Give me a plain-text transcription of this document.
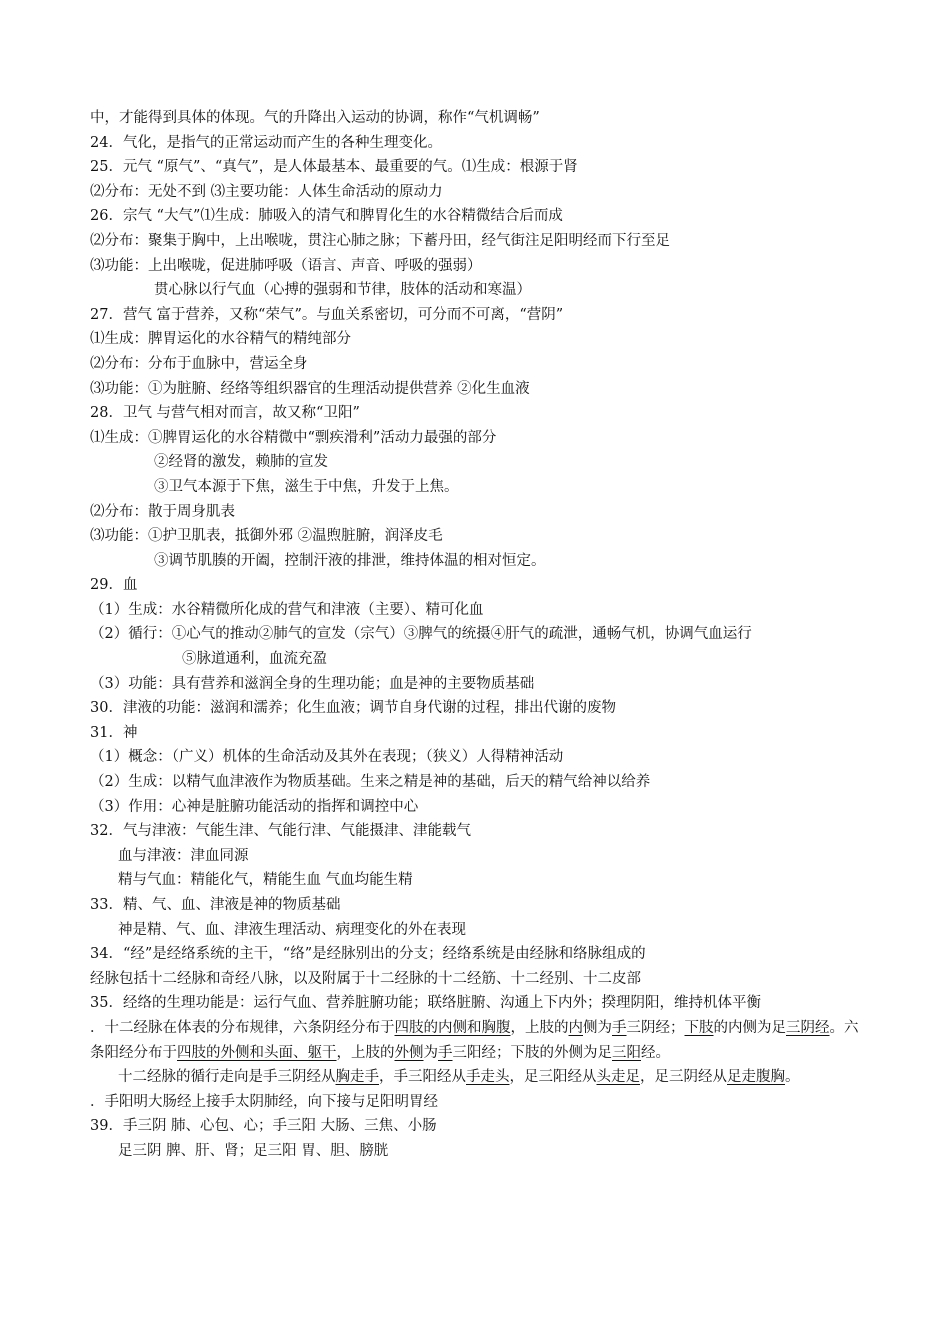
中，才能得到具体的体现。气的升降出入运动的协调，称作“气机调畅”
24．气化，是指气的正常运动而产生的各种生理变化。
25．元气 “原气”、“真气”，是人体最基本、最重要的气。⑴生成：根源于肾
⑵分布：无处不到 ⑶主要功能：人体生命活动的原动力
26．宗气 “大气”⑴生成：肺吸入的清气和脾胃化生的水谷精微结合后而成
⑵分布：聚集于胸中，上出喉咙，贯注心肺之脉；下蓄丹田，经气街注足阳明经而下行至足
⑶功能：上出喉咙，促进肺呼吸（语言、声音、呼吸的强弱）
贯心脉以行气血（心搏的强弱和节律，肢体的活动和寒温）
27．营气 富于营养，又称“荣气”。与血关系密切，可分而不可离，“营阴”
⑴生成：脾胃运化的水谷精气的精纯部分
⑵分布：分布于血脉中，营运全身
⑶功能：①为脏腑、经络等组织器官的生理活动提供营养 ②化生血液
28．卫气 与营气相对而言，故又称“卫阳”
⑴生成：①脾胃运化的水谷精微中“剽疾滑利”活动力最强的部分
②经肾的激发，赖肺的宣发
③卫气本源于下焦，滋生于中焦，升发于上焦。
⑵分布：散于周身肌表
⑶功能：①护卫肌表，抵御外邪 ②温煦脏腑，润泽皮毛
③调节肌腠的开阖，控制汗液的排泄，维持体温的相对恒定。
29．血
（1）生成：水谷精微所化成的营气和津液（主要）、精可化血
（2）循行：①心气的推动②肺气的宣发（宗气）③脾气的统摄④肝气的疏泄，通畅气机，协调气血运行
⑤脉道通利，血流充盈
（3）功能：具有营养和滋润全身的生理功能；血是神的主要物质基础
30．津液的功能：滋润和濡养；化生血液；调节自身代谢的过程，排出代谢的废物
31．神
（1）概念：（广义）机体的生命活动及其外在表现；（狭义）人得精神活动
（2）生成：以精气血津液作为物质基础。生来之精是神的基础，后天的精气给神以给养
（3）作用：心神是脏腑功能活动的指挥和调控中心
32．气与津液：气能生津、气能行津、气能摄津、津能载气
血与津液：津血同源
精与气血：精能化气，精能生血 气血均能生精
33．精、气、血、津液是神的物质基础
神是精、气、血、津液生理活动、病理变化的外在表现
34．“经”是经络系统的主干，“络”是经脉别出的分支；经络系统是由经脉和络脉组成的
经脉包括十二经脉和奇经八脉，以及附属于十二经脉的十二经筋、十二经别、十二皮部
35．经络的生理功能是：运行气血、营养脏腑功能；联络脏腑、沟通上下内外；揆理阴阳，维持机体平衡
．十二经脉在体表的分布规律，六条阴经分布于四肢的内侧和胸腹，上肢的内侧为手三阴经；下肢的内侧为足三阴经。六条阳经分布于四肢的外侧和头面、躯干，上肢的外侧为手三阳经；下肢的外侧为足三阳经。
十二经脉的循行走向是手三阴经从胸走手，手三阳经从手走头，足三阳经从头走足，足三阴经从足走腹胸。
．手阳明大肠经上接手太阴肺经，向下接与足阳明胃经
39．手三阴 肺、心包、心；手三阳 大肠、三焦、小肠
足三阴 脾、肝、肾；足三阳 胃、胆、膀胱
